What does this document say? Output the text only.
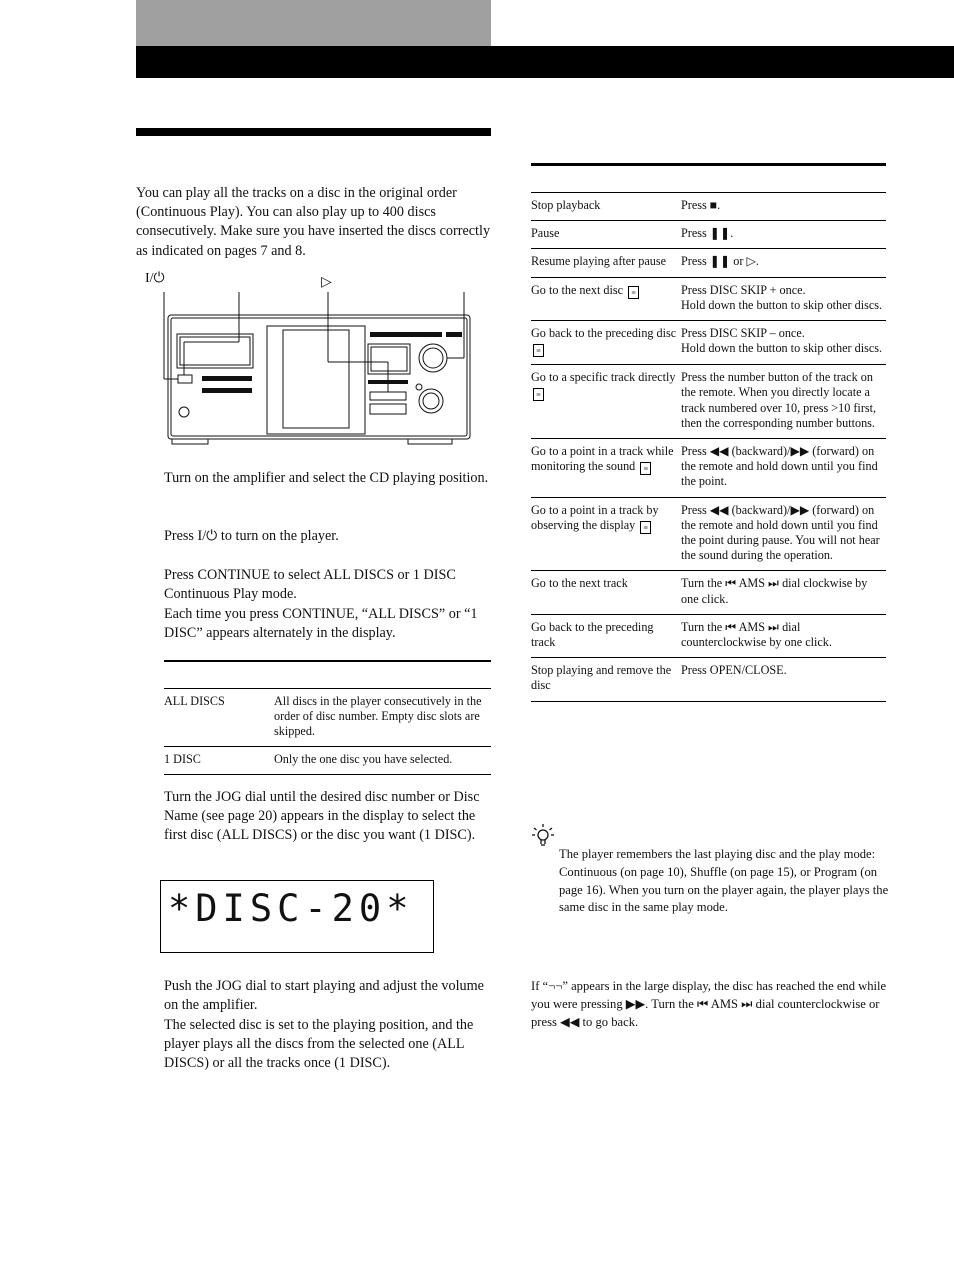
You can play all the tracks on a disc in the original order (Continuous Play). You can also play up to 400 discs consecutively. Make sure you have inserted the discs correctly as indicated on pages 7 and 8.
I/⏻	▷
Turn on the amplifier and select the CD playing position.
Press I/⏻ to turn on the player.
Press CONTINUE to select ALL DISCS or 1 DISC Continuous Play mode.
Each time you press CONTINUE, “ALL DISCS” or “1 DISC” appears alternately in the display.
ALL DISCS	All discs in the player consecutively in the order of disc number. Empty disc slots are skipped.
1 DISC	Only the one disc you have selected.
Turn the JOG dial until the desired disc number or Disc Name (see page 20) appears in the display to select the first disc (ALL DISCS) or the disc you want (1 DISC).
*DISC-20*
Push the JOG dial to start playing and adjust the volume on the amplifier.
The selected disc is set to the playing position, and the player plays all the discs from the selected one (ALL DISCS) or all the tracks once (1 DISC).
Stop playback	Press ■.
Pause	Press ❚❚.
Resume playing after pause	Press ❚❚ or ▷.
Go to the next disc ≡	Press DISC SKIP + once.
Hold down the button to skip other discs.
Go back to the preceding disc ≡	Press DISC SKIP – once.
Hold down the button to skip other discs.
Go to a specific track directly ≡	Press the number button of the track on the remote. When you directly locate a track numbered over 10, press >10 first, then the corresponding number buttons.
Go to a point in a track while monitoring the sound ≡	Press ◀◀ (backward)/▶▶ (forward) on the remote and hold down until you find the point.
Go to a point in a track by observing the display ≡	Press ◀◀ (backward)/▶▶ (forward) on the remote and hold down until you find the point during pause. You will not hear the sound during the operation.
Go to the next track	Turn the ⏮ AMS ⏭ dial clockwise by one click.
Go back to the preceding track	Turn the ⏮ AMS ⏭ dial counterclockwise by one click.
Stop playing and remove the disc	Press OPEN/CLOSE.
The player remembers the last playing disc and the play mode: Continuous (on page 10), Shuffle (on page 15), or Program (on page 16). When you turn on the player again, the player plays the same disc in the same play mode.
If “¬¬” appears in the large display, the disc has reached the end while you were pressing ▶▶. Turn the ⏮ AMS ⏭ dial counterclockwise or press ◀◀ to go back.
